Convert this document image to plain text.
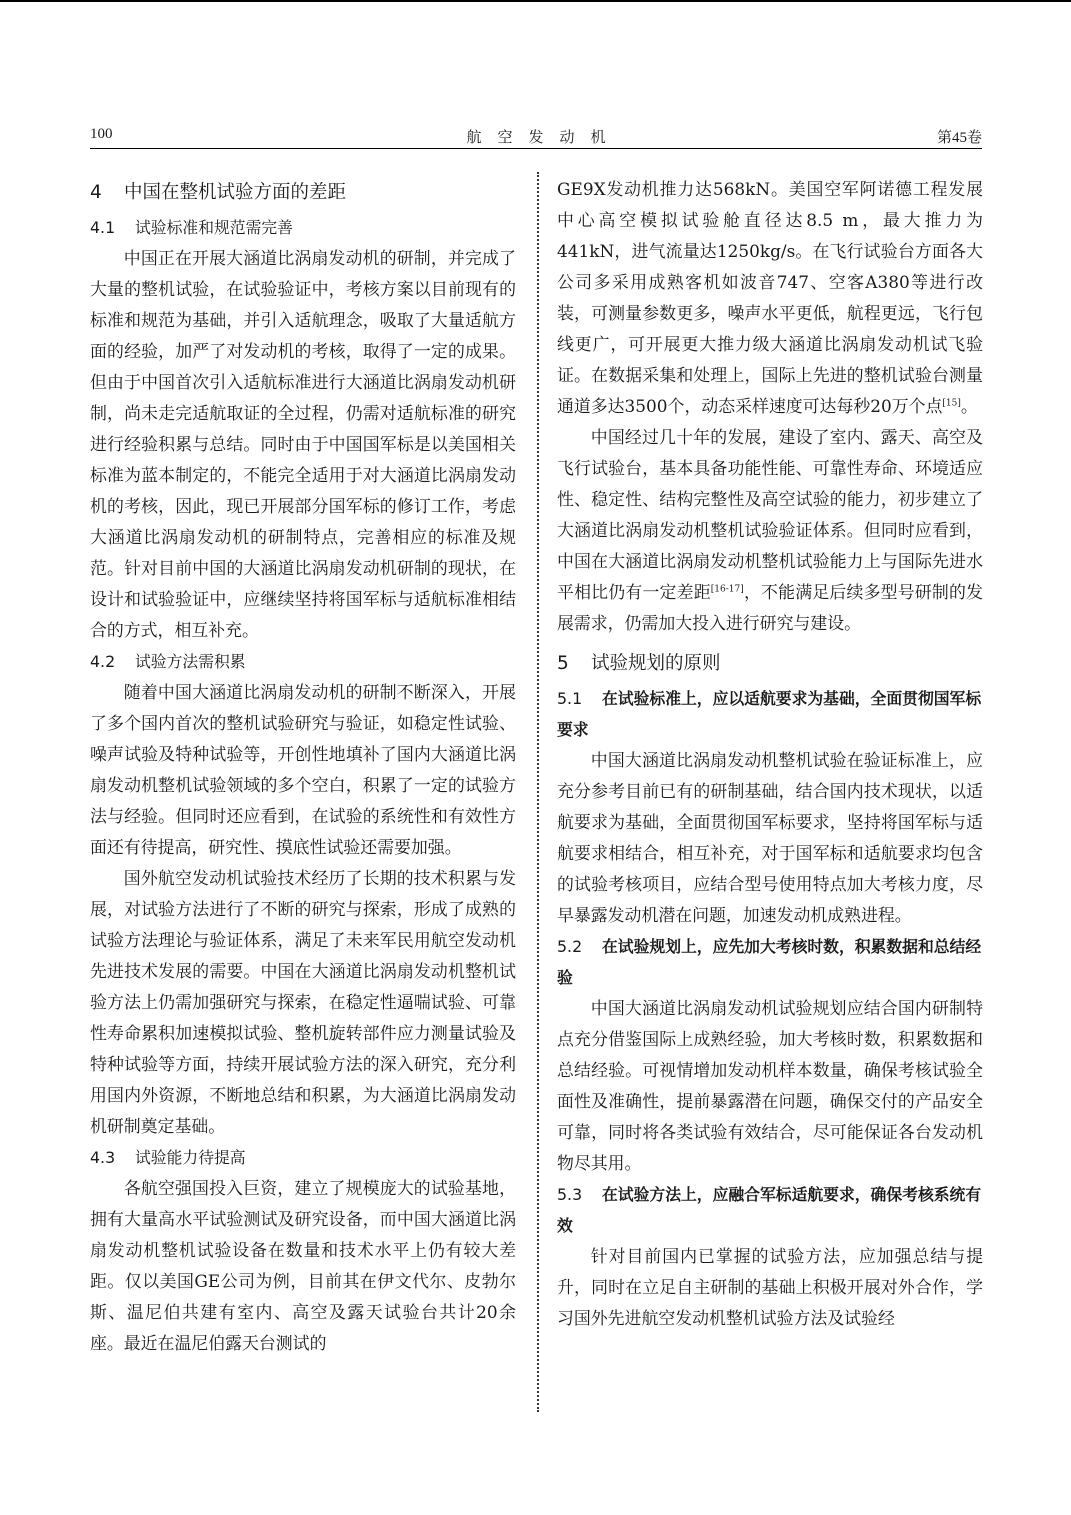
100	航空发动机	第45卷
4 中国在整机试验方面的差距
4.1 试验标准和规范需完善

中国正在开展大涵道比涡扇发动机的研制，并完成了大量的整机试验，在试验验证中，考核方案以目前现有的标准和规范为基础，并引入适航理念，吸取了大量适航方面的经验，加严了对发动机的考核，取得了一定的成果。但由于中国首次引入适航标准进行大涵道比涡扇发动机研制，尚未走完适航取证的全过程，仍需对适航标准的研究进行经验积累与总结。同时由于中国国军标是以美国相关标准为蓝本制定的，不能完全适用于对大涵道比涡扇发动机的考核，因此，现已开展部分国军标的修订工作，考虑大涵道比涡扇发动机的研制特点，完善相应的标准及规范。针对目前中国的大涵道比涡扇发动机研制的现状，在设计和试验验证中，应继续坚持将国军标与适航标准相结合的方式，相互补充。

4.2 试验方法需积累

随着中国大涵道比涡扇发动机的研制不断深入，开展了多个国内首次的整机试验研究与验证，如稳定性试验、噪声试验及特种试验等，开创性地填补了国内大涵道比涡扇发动机整机试验领域的多个空白，积累了一定的试验方法与经验。但同时还应看到，在试验的系统性和有效性方面还有待提高，研究性、摸底性试验还需要加强。

国外航空发动机试验技术经历了长期的技术积累与发展，对试验方法进行了不断的研究与探索，形成了成熟的试验方法理论与验证体系，满足了未来军民用航空发动机先进技术发展的需要。中国在大涵道比涡扇发动机整机试验方法上仍需加强研究与探索，在稳定性逼喘试验、可靠性寿命累积加速模拟试验、整机旋转部件应力测量试验及特种试验等方面，持续开展试验方法的深入研究，充分利用国内外资源，不断地总结和积累，为大涵道比涡扇发动机研制奠定基础。

4.3 试验能力待提高

各航空强国投入巨资，建立了规模庞大的试验基地，拥有大量高水平试验测试及研究设备，而中国大涵道比涡扇发动机整机试验设备在数量和技术水平上仍有较大差距。仅以美国GE公司为例，目前其在伊文代尔、皮勃尔斯、温尼伯共建有室内、高空及露天试验台共计20余座。最近在温尼伯露天台测试的

GE9X发动机推力达568kN。美国空军阿诺德工程发展中心高空模拟试验舱直径达8.5 m，最大推力为441kN，进气流量达1250kg/s。在飞行试验台方面各大公司多采用成熟客机如波音747、空客A380等进行改装，可测量参数更多，噪声水平更低，航程更远，飞行包线更广，可开展更大推力级大涵道比涡扇发动机试飞验证。在数据采集和处理上，国际上先进的整机试验台测量通道多达3500个，动态采样速度可达每秒20万个点[15]。

中国经过几十年的发展，建设了室内、露天、高空及飞行试验台，基本具备功能性能、可靠性寿命、环境适应性、稳定性、结构完整性及高空试验的能力，初步建立了大涵道比涡扇发动机整机试验验证体系。但同时应看到，中国在大涵道比涡扇发动机整机试验能力上与国际先进水平相比仍有一定差距[16-17]，不能满足后续多型号研制的发展需求，仍需加大投入进行研究与建设。

5 试验规划的原则
5.1 在试验标准上，应以适航要求为基础，全面贯彻国军标要求

中国大涵道比涡扇发动机整机试验在验证标准上，应充分参考目前已有的研制基础，结合国内技术现状，以适航要求为基础，全面贯彻国军标要求，坚持将国军标与适航要求相结合，相互补充，对于国军标和适航要求均包含的试验考核项目，应结合型号使用特点加大考核力度，尽早暴露发动机潜在问题，加速发动机成熟进程。

5.2 在试验规划上，应先加大考核时数，积累数据和总结经验

中国大涵道比涡扇发动机试验规划应结合国内研制特点充分借鉴国际上成熟经验，加大考核时数，积累数据和总结经验。可视情增加发动机样本数量，确保考核试验全面性及准确性，提前暴露潜在问题，确保交付的产品安全可靠，同时将各类试验有效结合，尽可能保证各台发动机物尽其用。

5.3 在试验方法上，应融合军标适航要求，确保考核系统有效

针对目前国内已掌握的试验方法，应加强总结与提升，同时在立足自主研制的基础上积极开展对外合作，学习国外先进航空发动机整机试验方法及试验经
